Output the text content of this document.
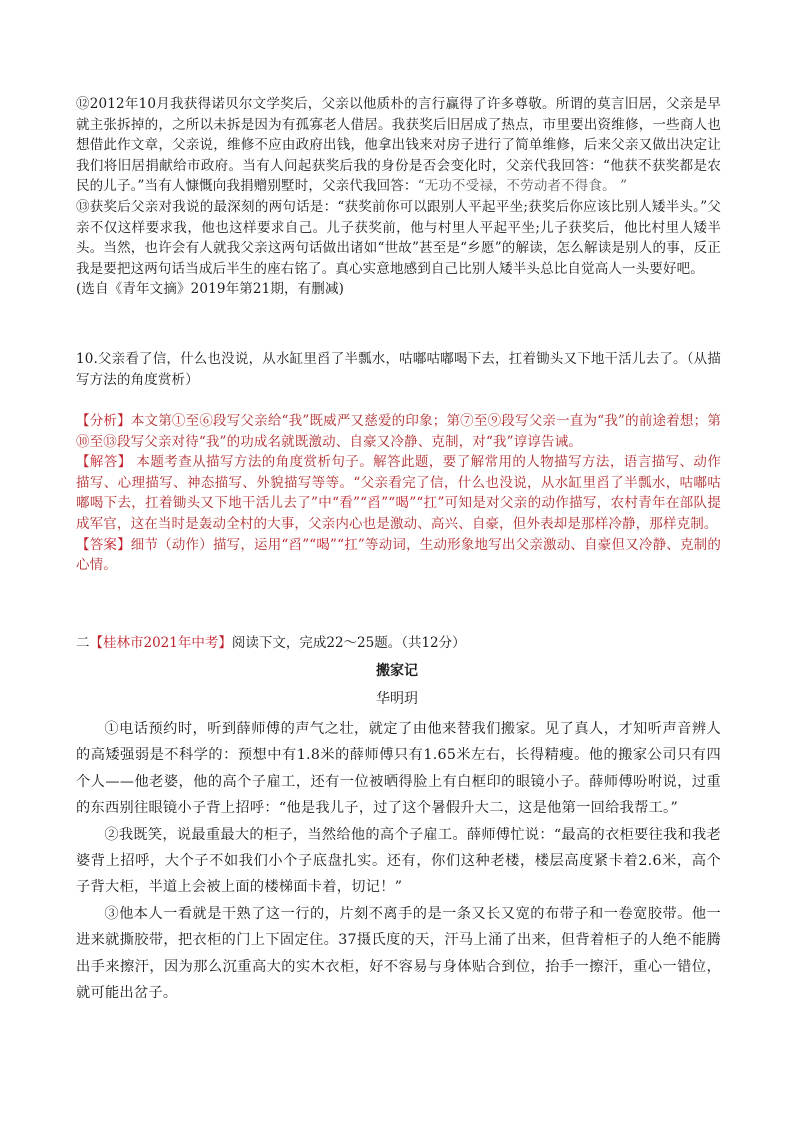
⑫2012年10月我获得诺贝尔文学奖后，父亲以他质朴的言行赢得了许多尊敬。所谓的莫言旧居，父亲是早就主张拆掉的，之所以未拆是因为有孤寡老人借居。我获奖后旧居成了热点，市里要出资维修，一些商人也想借此作文章，父亲说，维修不应由政府出钱，他拿出钱来对房子进行了简单维修，后来父亲又做出决定让我们将旧居捐献给市政府。当有人问起获奖后我的身份是否会变化时，父亲代我回答：“他获不获奖都是农民的儿子。”当有人慷慨向我捐赠别墅时，父亲代我回答：“无功不受禄，不劳动者不得食。 ”

⑬获奖后父亲对我说的最深刻的两句话是：“获奖前你可以跟别人平起平坐;获奖后你应该比别人矮半头。”父亲不仅这样要求我，他也这样要求自己。儿子获奖前，他与村里人平起平坐;儿子获奖后，他比村里人矮半头。当然，也许会有人就我父亲这两句话做出诸如“世故”甚至是“乡愿”的解读，怎么解读是别人的事，反正我是要把这两句话当成后半生的座右铭了。真心实意地感到自己比别人矮半头总比自觉高人一头要好吧。

(选自《青年文摘》2019年第21期，有删减)

10.父亲看了信，什么也没说，从水缸里舀了半瓢水，咕嘟咕嘟喝下去，扛着锄头又下地干活儿去了。（从描写方法的角度赏析）

【分析】本文第①至⑥段写父亲给“我”既威严又慈爱的印象；第⑦至⑨段写父亲一直为“我”的前途着想；第⑩至⑬段写父亲对待“我”的功成名就既激动、自豪又冷静、克制，对“我”谆谆告诫。

【解答】 本题考查从描写方法的角度赏析句子。解答此题，要了解常用的人物描写方法，语言描写、动作描写、心理描写、神态描写、外貌描写等等。“父亲看完了信，什么也没说，从水缸里舀了半瓢水，咕嘟咕嘟喝下去，扛着锄头又下地干活儿去了”中“看”“舀”“喝”“扛”可知是对父亲的动作描写，农村青年在部队提成军官，这在当时是轰动全村的大事，父亲内心也是激动、高兴、自豪，但外表却是那样冷静，那样克制。

【答案】细节（动作）描写，运用“舀”“喝”“扛”等动词，生动形象地写出父亲激动、自豪但又冷静、克制的心情。

二【桂林市2021年中考】阅读下文，完成22～25题。（共12分）

搬家记

华明玥

①电话预约时，听到薛师傅的声气之壮，就定了由他来替我们搬家。见了真人，才知听声音辨人的高矮强弱是不科学的：预想中有1.8米的薛师傅只有1.65米左右，长得精瘦。他的搬家公司只有四个人——他老婆，他的高个子雇工，还有一位被晒得脸上有白框印的眼镜小子。薛师傅吩咐说，过重的东西别往眼镜小子背上招呼：“他是我儿子，过了这个暑假升大二，这是他第一回给我帮工。”

②我既笑，说最重最大的柜子，当然给他的高个子雇工。薛师傅忙说：“最高的衣柜要往我和我老婆背上招呼，大个子不如我们小个子底盘扎实。还有，你们这种老楼，楼层高度紧卡着2.6米，高个子背大柜，半道上会被上面的楼梯面卡着，切记！”

③他本人一看就是干熟了这一行的，片刻不离手的是一条又长又宽的布带子和一卷宽胶带。他一进来就撕胶带，把衣柜的门上下固定住。37摄氏度的天，汗马上涌了出来，但背着柜子的人绝不能腾出手来擦汗，因为那么沉重高大的实木衣柜，好不容易与身体贴合到位，抬手一擦汗，重心一错位，就可能出岔子。
